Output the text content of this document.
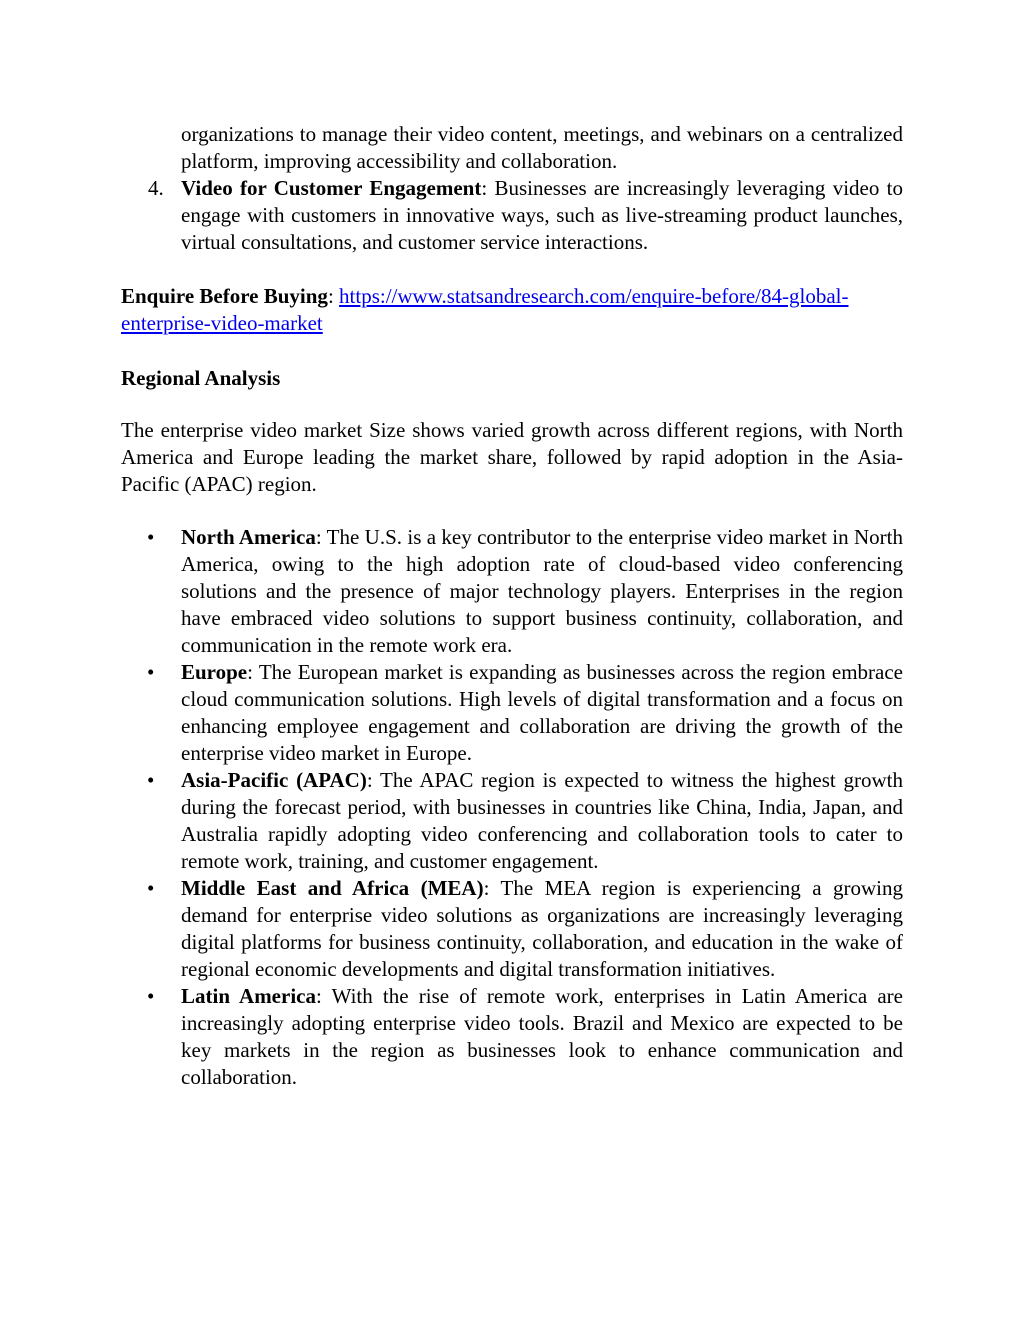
organizations to manage their video content, meetings, and webinars on a centralized platform, improving accessibility and collaboration.

4. Video for Customer Engagement: Businesses are increasingly leveraging video to engage with customers in innovative ways, such as live-streaming product launches, virtual consultations, and customer service interactions.

Enquire Before Buying: https://www.statsandresearch.com/enquire-before/84-global-enterprise-video-market

Regional Analysis

The enterprise video market Size shows varied growth across different regions, with North America and Europe leading the market share, followed by rapid adoption in the Asia-Pacific (APAC) region.

• North America: The U.S. is a key contributor to the enterprise video market in North America, owing to the high adoption rate of cloud-based video conferencing solutions and the presence of major technology players. Enterprises in the region have embraced video solutions to support business continuity, collaboration, and communication in the remote work era.
• Europe: The European market is expanding as businesses across the region embrace cloud communication solutions. High levels of digital transformation and a focus on enhancing employee engagement and collaboration are driving the growth of the enterprise video market in Europe.
• Asia-Pacific (APAC): The APAC region is expected to witness the highest growth during the forecast period, with businesses in countries like China, India, Japan, and Australia rapidly adopting video conferencing and collaboration tools to cater to remote work, training, and customer engagement.
• Middle East and Africa (MEA): The MEA region is experiencing a growing demand for enterprise video solutions as organizations are increasingly leveraging digital platforms for business continuity, collaboration, and education in the wake of regional economic developments and digital transformation initiatives.
• Latin America: With the rise of remote work, enterprises in Latin America are increasingly adopting enterprise video tools. Brazil and Mexico are expected to be key markets in the region as businesses look to enhance communication and collaboration.
